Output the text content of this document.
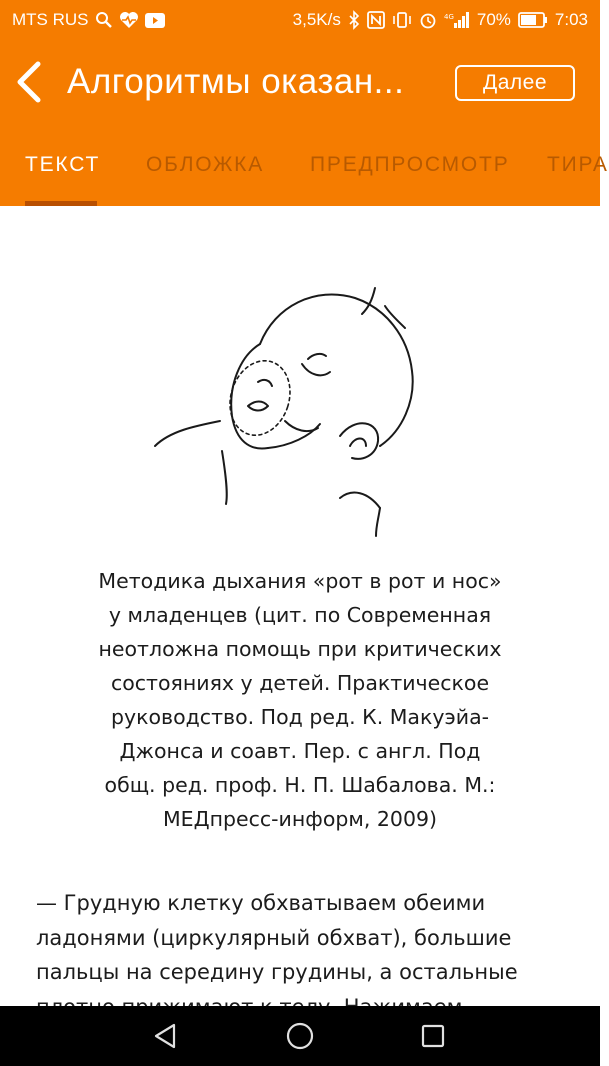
MTS RUS	3,5K/s	4G 70%	7:03
Алгоритмы оказан...	Далее
ТЕКСТ ОБЛОЖКА ПРЕДПРОСМОТР ТИРА
Методика дыхания «рот в рот и нос»
у младенцев (цит. по Современная
неотложна помощь при критических
состояниях у детей. Практическое
руководство. Под ред. К. Макуэйа-
Джонса и соавт. Пер. с англ. Под
общ. ред. проф. Н. П. Шабалова. М.:
МЕДпресс-информ, 2009)
— Грудную клетку обхватываем обеими
ладонями (циркулярный обхват), большие
пальцы на середину грудины, а остальные
